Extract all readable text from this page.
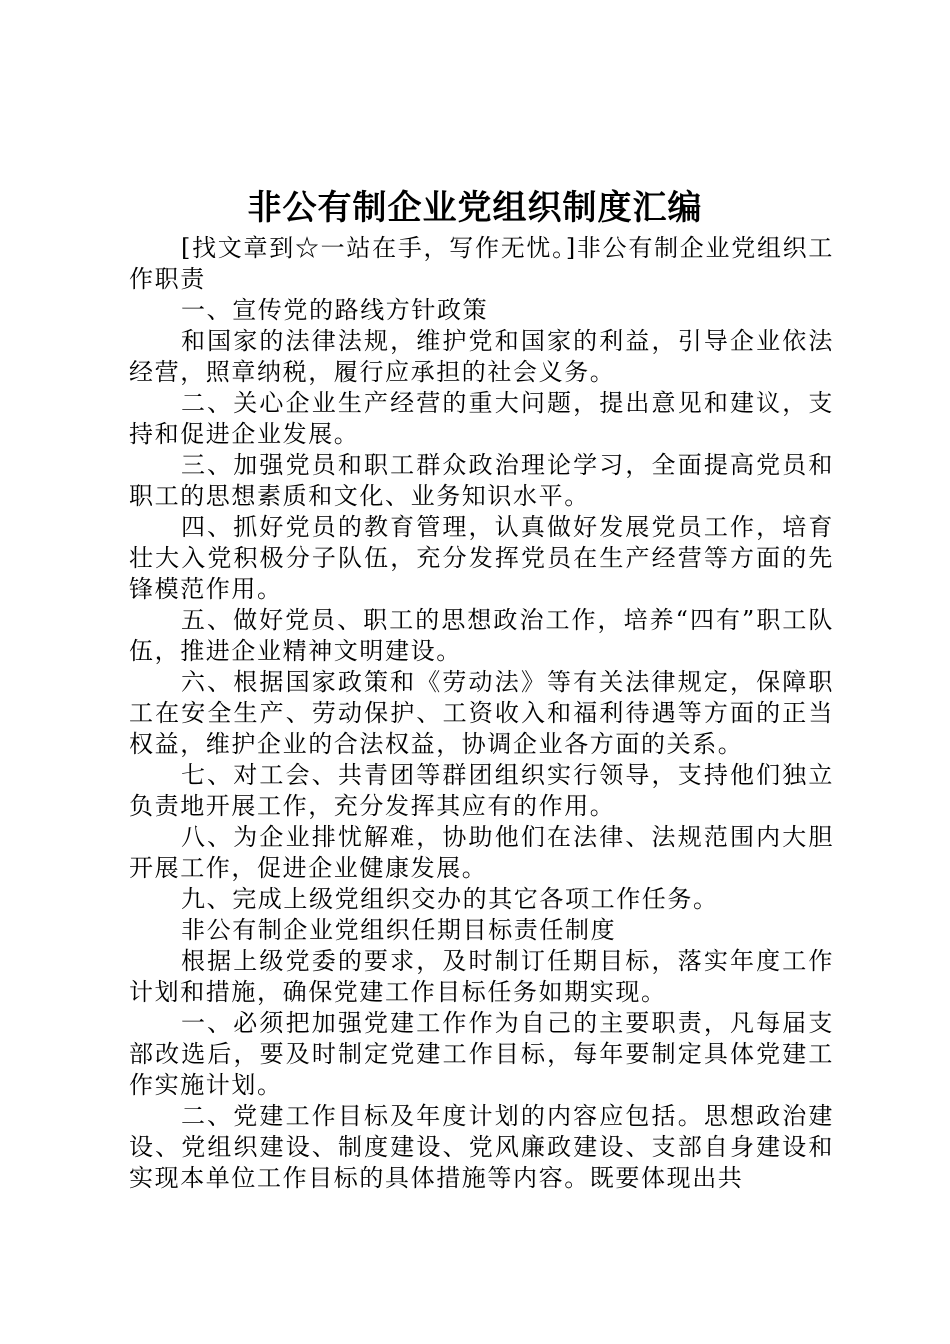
非公有制企业党组织制度汇编

[找文章到☆一站在手，写作无忧。]非公有制企业党组织工作职责

一、宣传党的路线方针政策

和国家的法律法规，维护党和国家的利益，引导企业依法经营，照章纳税，履行应承担的社会义务。

二、关心企业生产经营的重大问题，提出意见和建议，支持和促进企业发展。

三、加强党员和职工群众政治理论学习，全面提高党员和职工的思想素质和文化、业务知识水平。

四、抓好党员的教育管理，认真做好发展党员工作，培育壮大入党积极分子队伍，充分发挥党员在生产经营等方面的先锋模范作用。

五、做好党员、职工的思想政治工作，培养“四有”职工队伍，推进企业精神文明建设。

六、根据国家政策和《劳动法》等有关法律规定，保障职工在安全生产、劳动保护、工资收入和福利待遇等方面的正当权益，维护企业的合法权益，协调企业各方面的关系。

七、对工会、共青团等群团组织实行领导，支持他们独立负责地开展工作，充分发挥其应有的作用。

八、为企业排忧解难，协助他们在法律、法规范围内大胆开展工作，促进企业健康发展。

九、完成上级党组织交办的其它各项工作任务。

非公有制企业党组织任期目标责任制度

根据上级党委的要求，及时制订任期目标，落实年度工作计划和措施，确保党建工作目标任务如期实现。

一、必须把加强党建工作作为自己的主要职责，凡每届支部改选后，要及时制定党建工作目标，每年要制定具体党建工作实施计划。

二、党建工作目标及年度计划的内容应包括。思想政治建设、党组织建设、制度建设、党风廉政建设、支部自身建设和实现本单位工作目标的具体措施等内容。既要体现出共
